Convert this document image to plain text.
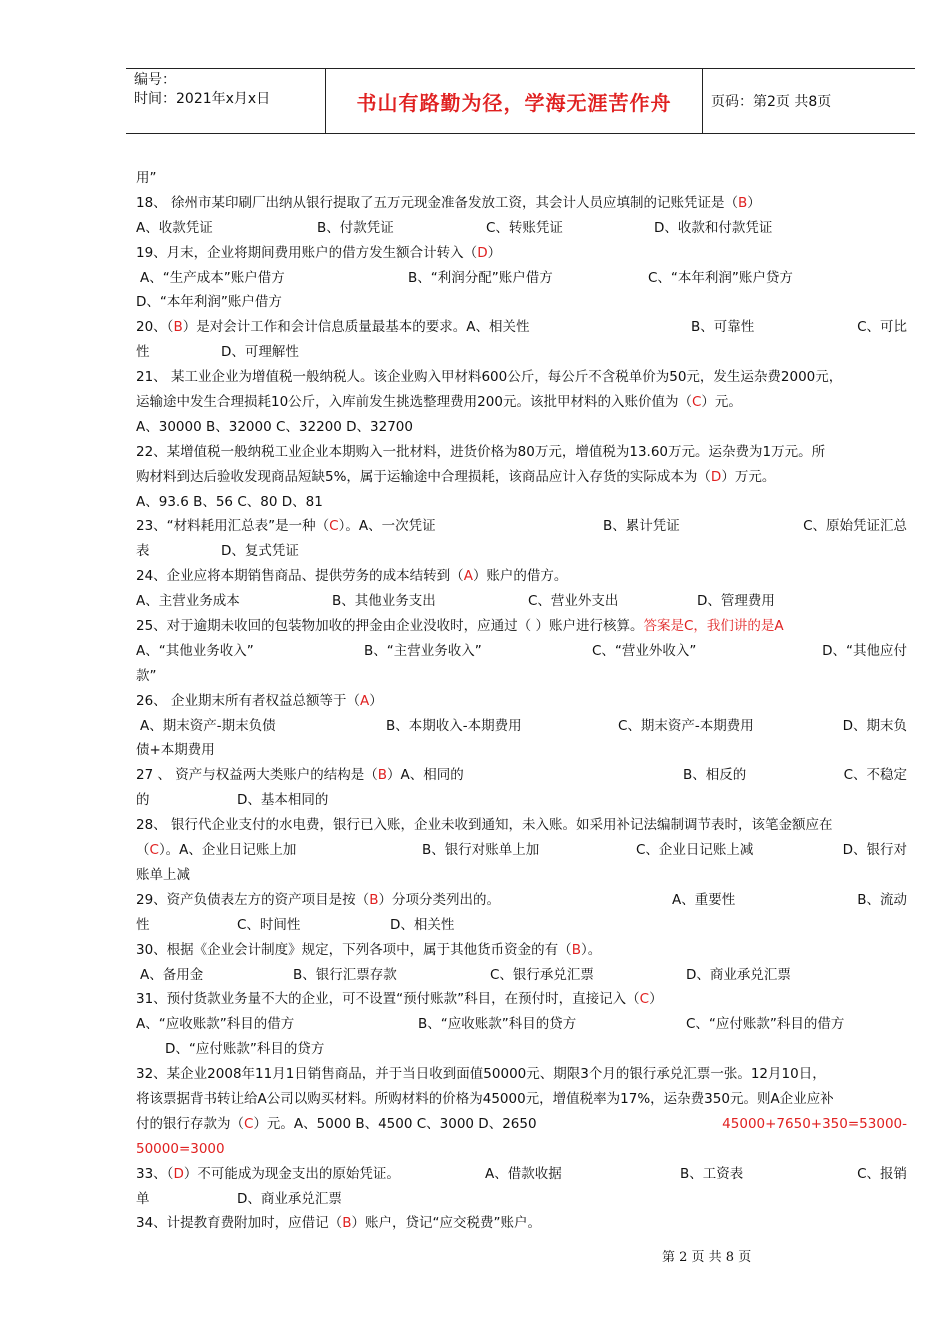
编号：
时间：2021年x月x日	书山有路勤为径，学海无涯苦作舟	页码：第2页 共8页
用”
18、 徐州市某印刷厂出纳从银行提取了五万元现金准备发放工资，其会计人员应填制的记账凭证是（B）
A、收款凭证	B、付款凭证	C、转账凭证	D、收款和付款凭证
19、月末，企业将期间费用账户的借方发生额合计转入（D）
A、“生产成本”账户借方	B、“利润分配”账户借方	C、“本年利润”账户贷方
D、“本年利润”账户借方
20、（B）是对会计工作和会计信息质量最基本的要求。A、相关性	B、可靠性	C、可比
性	D、可理解性
21、 某工业企业为增值税一般纳税人。该企业购入甲材料600公斤，每公斤不含税单价为50元，发生运杂费2000元，
运输途中发生合理损耗10公斤，入库前发生挑选整理费用200元。该批甲材料的入账价值为（C）元。
A、30000 B、32000 C、32200 D、32700
22、某增值税一般纳税工业企业本期购入一批材料，进货价格为80万元，增值税为13.60万元。运杂费为1万元。所
购材料到达后验收发现商品短缺5%，属于运输途中合理损耗，该商品应计入存货的实际成本为（D）万元。
A、93.6 B、56 C、80 D、81
23、“材料耗用汇总表”是一种（C）。A、一次凭证	B、累计凭证	C、原始凭证汇总
表	D、复式凭证
24、企业应将本期销售商品、提供劳务的成本结转到（A）账户的借方。
A、主营业务成本	B、其他业务支出	C、营业外支出	D、管理费用
25、对于逾期未收回的包装物加收的押金由企业没收时，应通过（ ）账户进行核算。答案是C，我们讲的是A
A、“其他业务收入”	B、“主营业务收入”	C、“营业外收入”	D、“其他应付
款”
26、 企业期末所有者权益总额等于（A）
A、期末资产-期末负债	B、本期收入-本期费用	C、期末资产-本期费用	D、期末负
债+本期费用
27 、 资产与权益两大类账户的结构是（B）A、相同的	B、相反的	C、不稳定
的	D、基本相同的
28、 银行代企业支付的水电费，银行已入账，企业未收到通知，未入账。如采用补记法编制调节表时，该笔金额应在
（C）。A、企业日记账上加	B、银行对账单上加	C、企业日记账上减	D、银行对
账单上减
29、资产负债表左方的资产项目是按（B）分项分类列出的。	A、重要性	B、流动
性	C、时间性	D、相关性
30、根据《企业会计制度》规定，下列各项中，属于其他货币资金的有（B）。
A、备用金	B、银行汇票存款	C、银行承兑汇票	D、商业承兑汇票
31、预付货款业务量不大的企业，可不设置“预付账款”科目，在预付时，直接记入（C）
A、“应收账款”科目的借方	B、“应收账款”科目的贷方	C、“应付账款”科目的借方
D、“应付账款”科目的贷方
32、某企业2008年11月1日销售商品，并于当日收到面值50000元、期限3个月的银行承兑汇票一张。12月10日，
将该票据背书转让给A公司以购买材料。所购材料的价格为45000元，增值税率为17%，运杂费350元。则A企业应补
付的银行存款为（C）元。A、5000 B、4500 C、3000 D、2650	45000+7650+350=53000-
50000=3000
33、（D）不可能成为现金支出的原始凭证。	A、借款收据	B、工资表	C、报销
单	D、商业承兑汇票
34、计提教育费附加时，应借记（B）账户，贷记“应交税费”账户。
第 2 页 共 8 页
